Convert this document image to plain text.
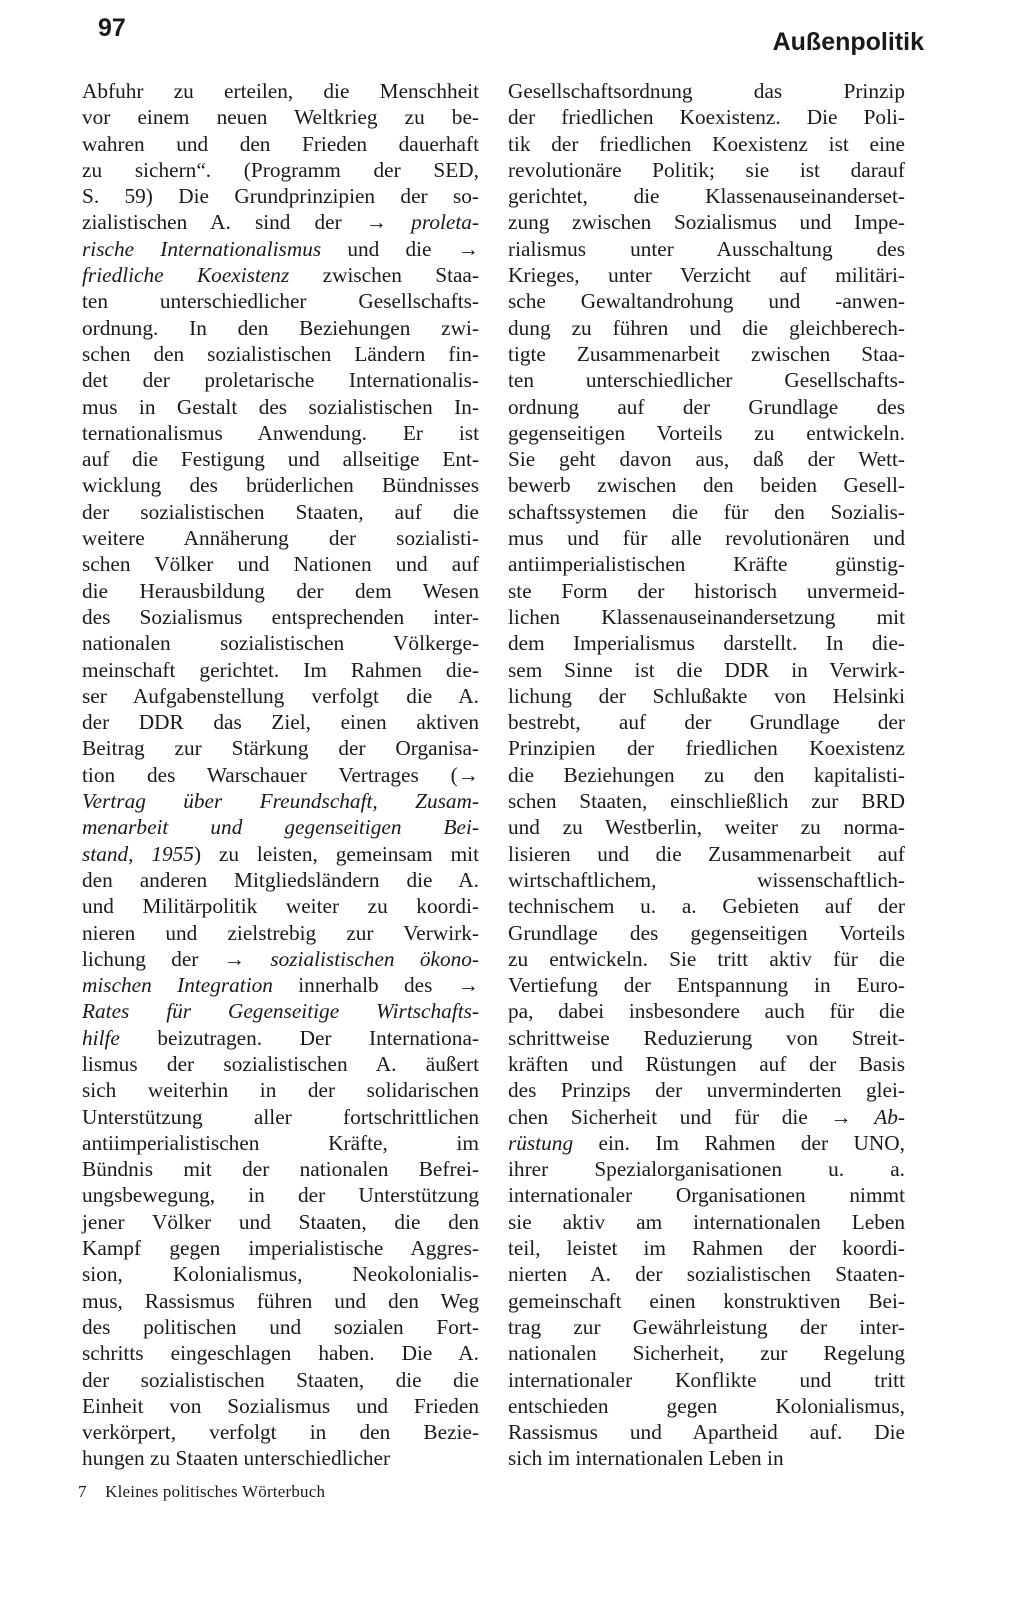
97	Außenpolitik
Abfuhr zu erteilen, die Menschheit
vor einem neuen Weltkrieg zu be-
wahren und den Frieden dauerhaft
zu sichern“. (Programm der SED,
S. 59) Die Grundprinzipien der so-
zialistischen A. sind der → proleta-
rische Internationalismus und die →
friedliche Koexistenz zwischen Staa-
ten unterschiedlicher Gesellschafts-
ordnung. In den Beziehungen zwi-
schen den sozialistischen Ländern fin-
det der proletarische Internationalis-
mus in Gestalt des sozialistischen In-
ternationalismus Anwendung. Er ist
auf die Festigung und allseitige Ent-
wicklung des brüderlichen Bündnisses
der sozialistischen Staaten, auf die
weitere Annäherung der sozialisti-
schen Völker und Nationen und auf
die Herausbildung der dem Wesen
des Sozialismus entsprechenden inter-
nationalen sozialistischen Völkerge-
meinschaft gerichtet. Im Rahmen die-
ser Aufgabenstellung verfolgt die A.
der DDR das Ziel, einen aktiven
Beitrag zur Stärkung der Organisa-
tion des Warschauer Vertrages (→
Vertrag über Freundschaft, Zusam-
menarbeit und gegenseitigen Bei-
stand, 1955) zu leisten, gemeinsam mit
den anderen Mitgliedsländern die A.
und Militärpolitik weiter zu koordi-
nieren und zielstrebig zur Verwirk-
lichung der → sozialistischen ökono-
mischen Integration innerhalb des →
Rates für Gegenseitige Wirtschafts-
hilfe beizutragen. Der Internationa-
lismus der sozialistischen A. äußert
sich weiterhin in der solidarischen
Unterstützung aller fortschrittlichen
antiimperialistischen Kräfte, im
Bündnis mit der nationalen Befrei-
ungsbewegung, in der Unterstützung
jener Völker und Staaten, die den
Kampf gegen imperialistische Aggres-
sion, Kolonialismus, Neokolonialis-
mus, Rassismus führen und den Weg
des politischen und sozialen Fort-
schritts eingeschlagen haben. Die A.
der sozialistischen Staaten, die die
Einheit von Sozialismus und Frieden
verkörpert, verfolgt in den Bezie-
hungen zu Staaten unterschiedlicher
Gesellschaftsordnung das Prinzip
der friedlichen Koexistenz. Die Poli-
tik der friedlichen Koexistenz ist eine
revolutionäre Politik; sie ist darauf
gerichtet, die Klassenauseinanderset-
zung zwischen Sozialismus und Impe-
rialismus unter Ausschaltung des
Krieges, unter Verzicht auf militäri-
sche Gewaltandrohung und -anwen-
dung zu führen und die gleichberech-
tigte Zusammenarbeit zwischen Staa-
ten unterschiedlicher Gesellschafts-
ordnung auf der Grundlage des
gegenseitigen Vorteils zu entwickeln.
Sie geht davon aus, daß der Wett-
bewerb zwischen den beiden Gesell-
schaftssystemen die für den Sozialis-
mus und für alle revolutionären und
antiimperialistischen Kräfte günstig-
ste Form der historisch unvermeid-
lichen Klassenauseinandersetzung mit
dem Imperialismus darstellt. In die-
sem Sinne ist die DDR in Verwirk-
lichung der Schlußakte von Helsinki
bestrebt, auf der Grundlage der
Prinzipien der friedlichen Koexistenz
die Beziehungen zu den kapitalisti-
schen Staaten, einschließlich zur BRD
und zu Westberlin, weiter zu norma-
lisieren und die Zusammenarbeit auf
wirtschaftlichem, wissenschaftlich-
technischem u. a. Gebieten auf der
Grundlage des gegenseitigen Vorteils
zu entwickeln. Sie tritt aktiv für die
Vertiefung der Entspannung in Euro-
pa, dabei insbesondere auch für die
schrittweise Reduzierung von Streit-
kräften und Rüstungen auf der Basis
des Prinzips der unverminderten glei-
chen Sicherheit und für die → Ab-
rüstung ein. Im Rahmen der UNO,
ihrer Spezialorganisationen u. a.
internationaler Organisationen nimmt
sie aktiv am internationalen Leben
teil, leistet im Rahmen der koordi-
nierten A. der sozialistischen Staaten-
gemeinschaft einen konstruktiven Bei-
trag zur Gewährleistung der inter-
nationalen Sicherheit, zur Regelung
internationaler Konflikte und tritt
entschieden gegen Kolonialismus,
Rassismus und Apartheid auf. Die
sich im internationalen Leben in
7 Kleines politisches Wörterbuch
